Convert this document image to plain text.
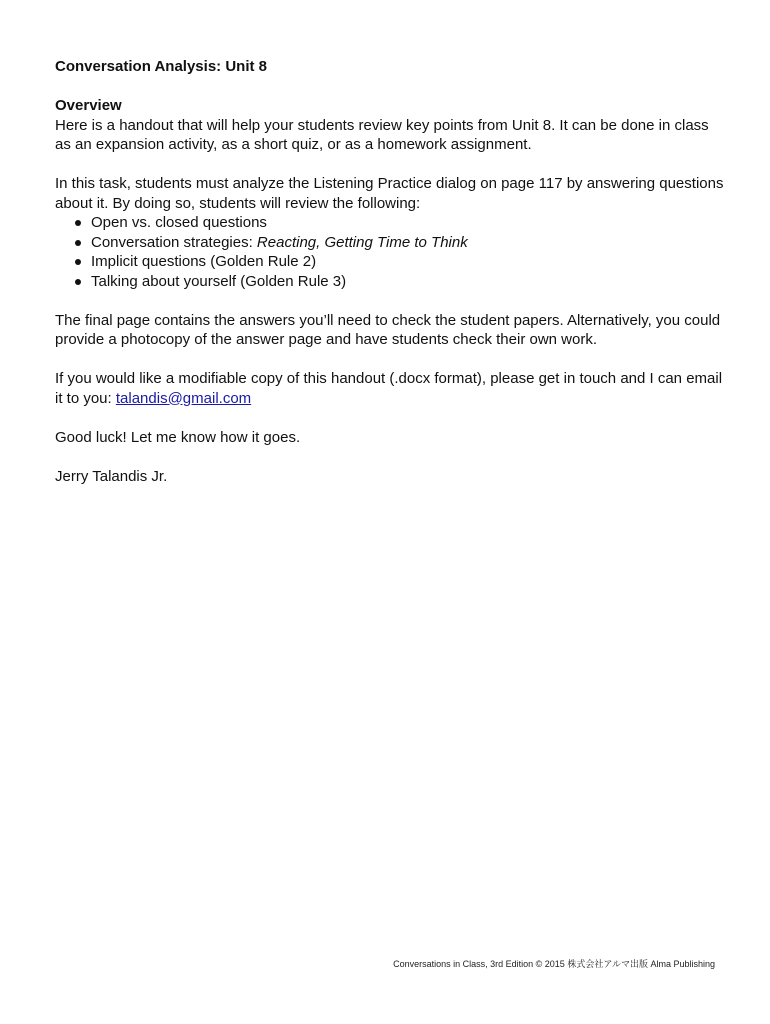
Conversation Analysis: Unit 8

Overview

Here is a handout that will help your students review key points from Unit 8. It can be done in class as an expansion activity, as a short quiz, or as a homework assignment.

In this task, students must analyze the Listening Practice dialog on page 117 by answering questions about it. By doing so, students will review the following:

Open vs. closed questions
Conversation strategies: Reacting, Getting Time to Think
Implicit questions (Golden Rule 2)
Talking about yourself (Golden Rule 3)

The final page contains the answers you’ll need to check the student papers. Alternatively, you could provide a photocopy of the answer page and have students check their own work.

If you would like a modifiable copy of this handout (.docx format), please get in touch and I can email it to you: talandis@gmail.com

Good luck! Let me know how it goes.

Jerry Talandis Jr.

Conversations in Class, 3rd Edition © 2015 株式会社アルマ出版 Alma Publishing
